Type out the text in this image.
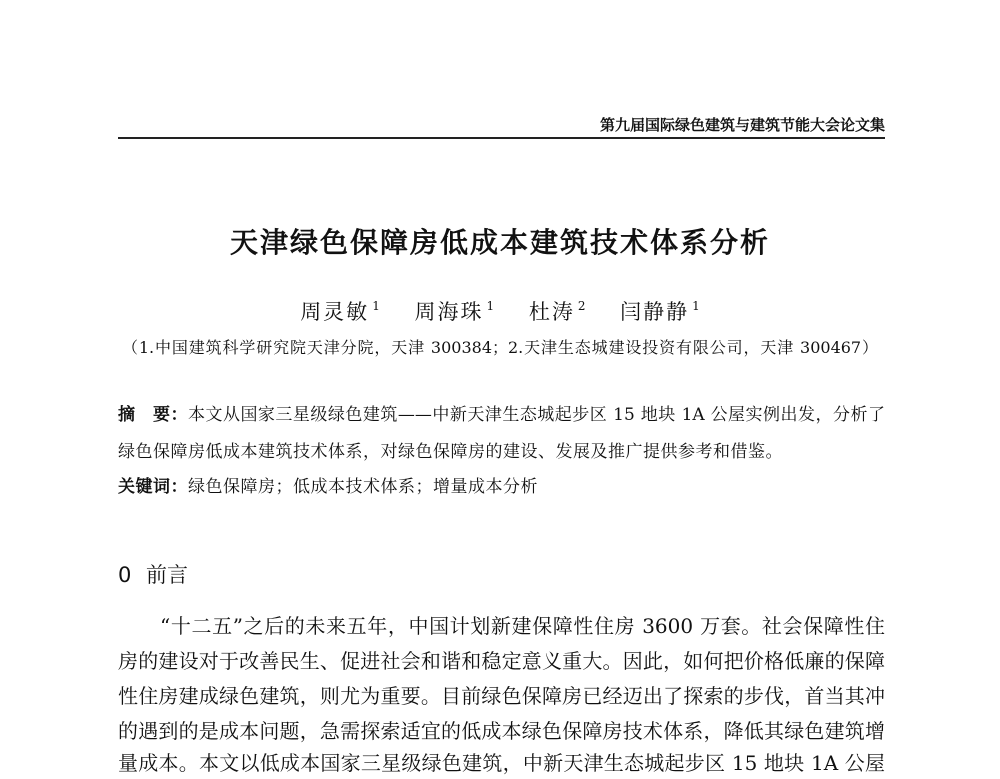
第九届国际绿色建筑与建筑节能大会论文集
天津绿色保障房低成本建筑技术体系分析
周灵敏 $^1$ 周海珠 $^1$ 杜涛 $^2$ 闫静静 $^1$
（1.中国建筑科学研究院天津分院，天津 300384；2.天津生态城建设投资有限公司，天津 300467）
摘　要：本文从国家三星级绿色建筑——中新天津生态城起步区 15 地块 1A 公屋实例出发，分析了
绿色保障房低成本建筑技术体系，对绿色保障房的建设、发展及推广提供参考和借鉴。
关键词：绿色保障房；低成本技术体系；增量成本分析
0 前言
“十二五”之后的未来五年，中国计划新建保障性住房 3600 万套。社会保障性住
房的建设对于改善民生、促进社会和谐和稳定意义重大。因此，如何把价格低廉的保障
性住房建成绿色建筑，则尤为重要。目前绿色保障房已经迈出了探索的步伐，首当其冲
的遇到的是成本问题，急需探索适宜的低成本绿色保障房技术体系，降低其绿色建筑增
量成本。本文以低成本国家三星级绿色建筑，中新天津生态城起步区 15 地块 1A 公屋
